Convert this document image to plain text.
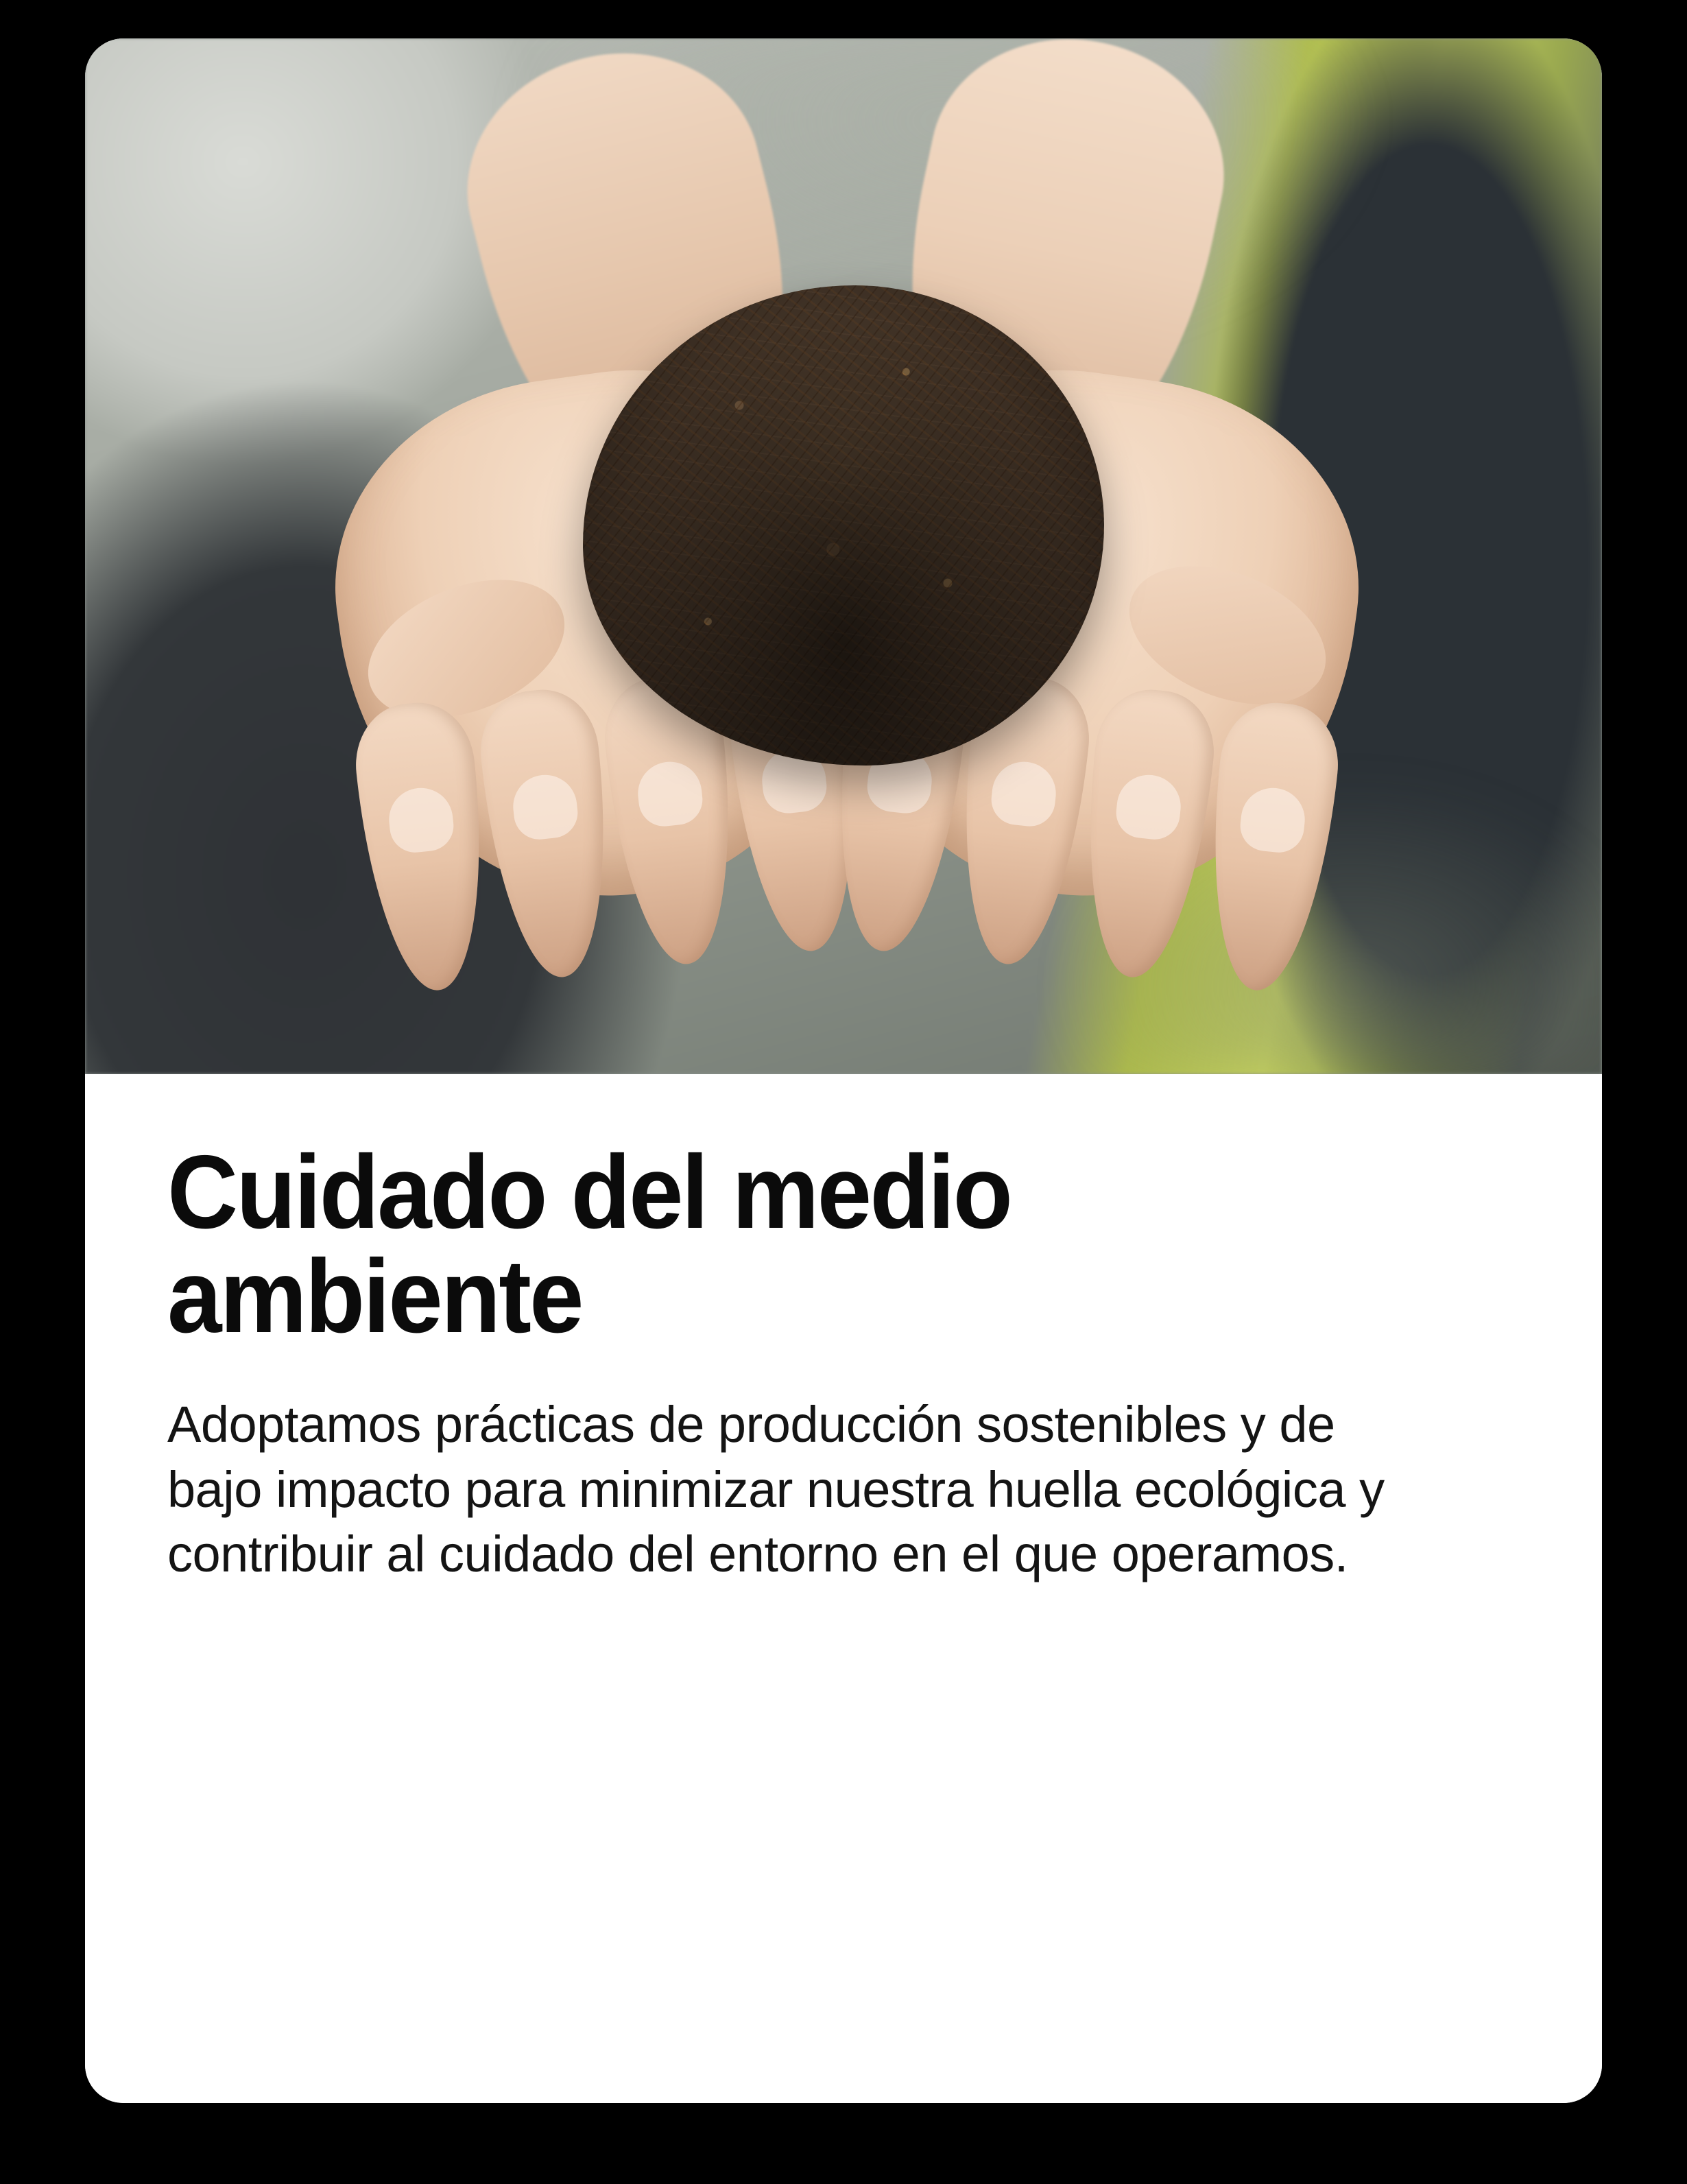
Cuidado del medio ambiente

Adoptamos prácticas de producción sostenibles y de bajo impacto para minimizar nuestra huella ecológica y contribuir al cuidado del entorno en el que operamos.
